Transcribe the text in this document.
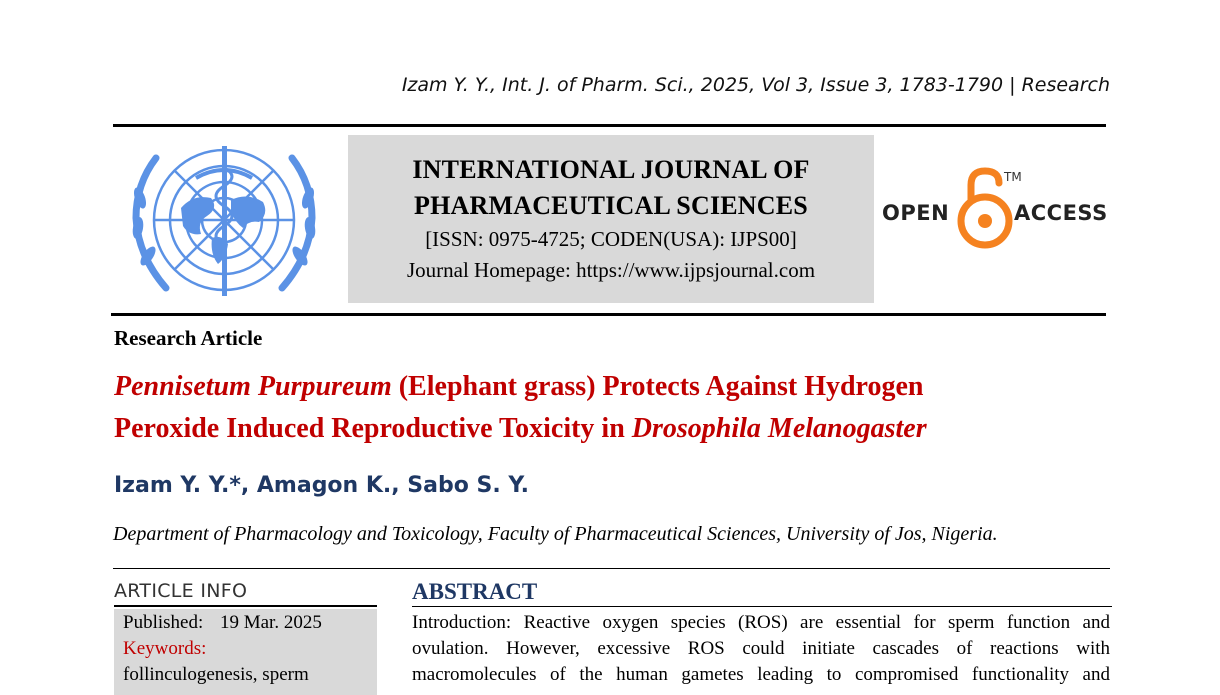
Izam Y. Y., Int. J. of Pharm. Sci., 2025, Vol 3, Issue 3, 1783-1790 | Research
INTERNATIONAL JOURNAL OF
PHARMACEUTICAL SCIENCES
[ISSN: 0975-4725; CODEN(USA): IJPS00]
Journal Homepage: https://www.ijpsjournal.com
OPEN
TM
ACCESS
Research Article
Pennisetum Purpureum (Elephant grass) Protects Against Hydrogen
Peroxide Induced Reproductive Toxicity in Drosophila Melanogaster
Izam Y. Y.*, Amagon K., Sabo S. Y.
Department of Pharmacology and Toxicology, Faculty of Pharmaceutical Sciences, University of Jos, Nigeria.
ARTICLE INFO
Published: 19 Mar. 2025
Keywords:
follinculogenesis, sperm
ABSTRACT
Introduction: Reactive oxygen species (ROS) are essential for sperm function and
ovulation. However, excessive ROS could initiate cascades of reactions with
macromolecules of the human gametes leading to compromised functionality and
